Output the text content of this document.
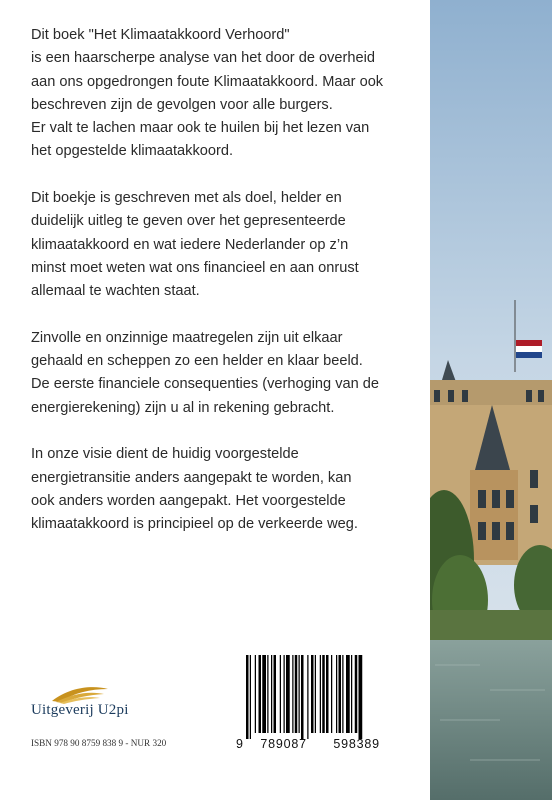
Dit boek "Het Klimaatakkoord Verhoord"

is een haarscherpe analyse van het door de overheid

aan ons opgedrongen foute Klimaatakkoord. Maar ook

beschreven zijn de gevolgen voor alle burgers.

Er valt te lachen maar ook te huilen bij het lezen van

het opgestelde klimaatakkoord.

Dit boekje is geschreven met als doel, helder en

duidelijk uitleg te geven over het gepresenteerde

klimaatakkoord en wat iedere Nederlander op z’n

minst moet weten wat ons financieel en aan onrust

allemaal te wachten staat.

Zinvolle en onzinnige maatregelen zijn uit elkaar

gehaald en scheppen zo een helder en klaar beeld.

De eerste financiele consequenties (verhoging van de

energierekening) zijn u al in rekening gebracht.

In onze visie dient de huidig voorgestelde

energietransitie anders aangepakt te worden, kan

ook anders worden aangepakt. Het voorgestelde

klimaatakkoord is principieel op de verkeerde weg.

Uitgeverij U2pi
ISBN 978 90 8759 838 9 - NUR 320	9 789087 598389
